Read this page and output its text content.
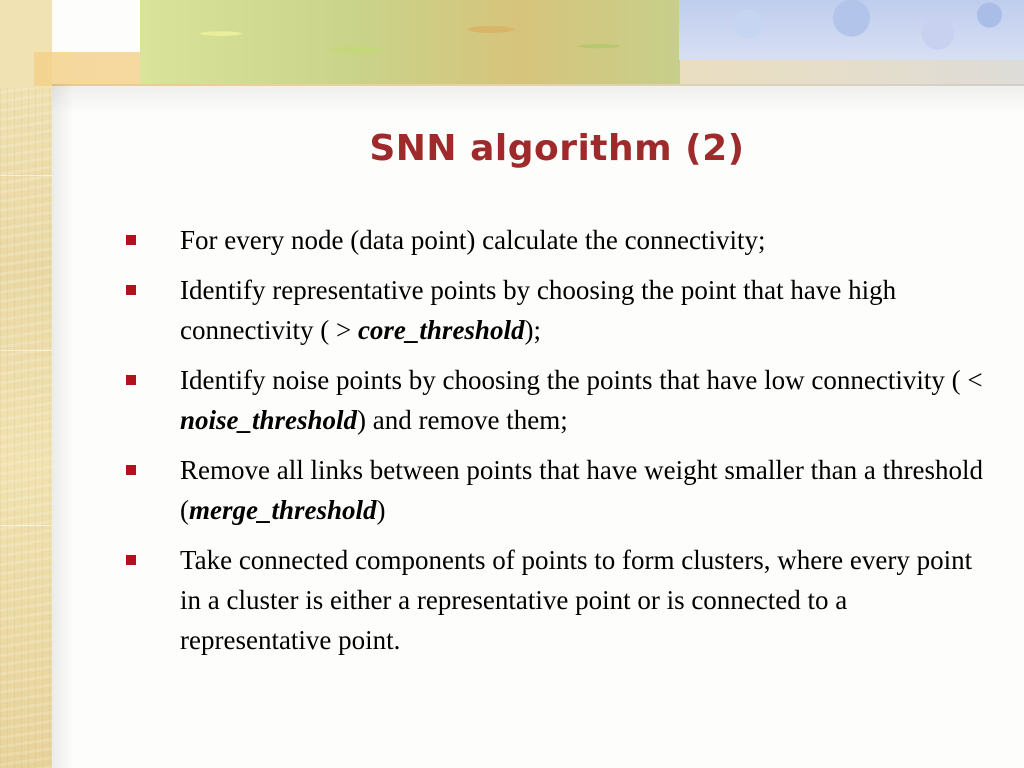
SNN algorithm (2)
For every node (data point) calculate the connectivity;
Identify representative points by choosing the point that have high connectivity ( > core_threshold);
Identify noise points by choosing the points that have low connectivity ( < noise_threshold) and remove them;
Remove all links between points that have weight smaller than a threshold (merge_threshold)
Take connected components of points to form clusters, where every point in a cluster is either a representative point or is connected to a representative point.
